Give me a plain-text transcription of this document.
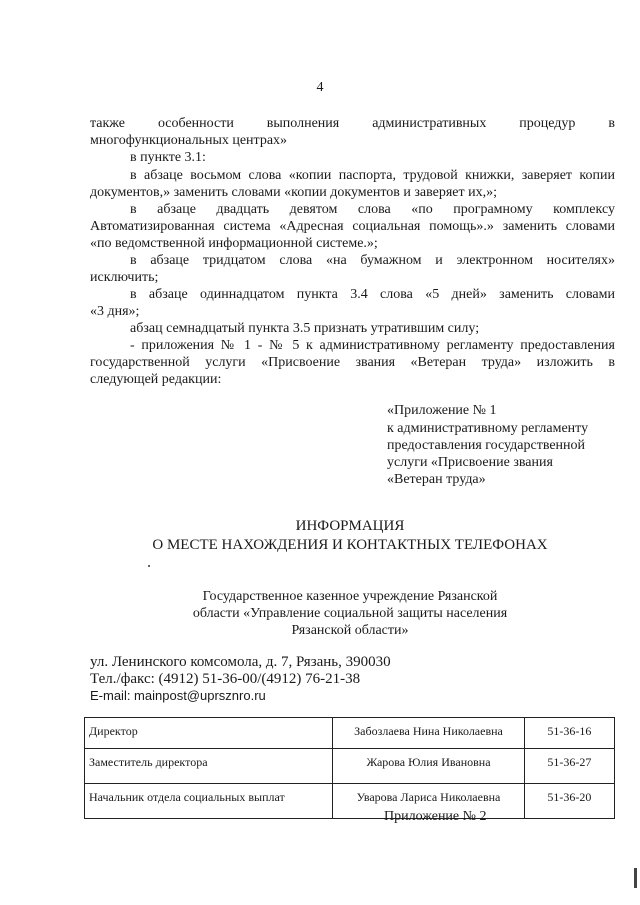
4
также особенности выполнения административных процедур в
многофункциональных центрах»
в пункте 3.1:
в абзаце восьмом слова «копии паспорта, трудовой книжки, заверяет копии
документов,» заменить словами «копии документов и заверяет их,»;
в абзаце двадцать девятом слова «по програмному комплексу
Автоматизированная система «Адресная социальная помощь».» заменить словами
«по ведомственной информационной системе.»;
в абзаце тридцатом слова «на бумажном и электронном носителях»
исключить;
в абзаце одиннадцатом пункта 3.4 слова «5 дней» заменить словами
«3 дня»;
абзац семнадцатый пункта 3.5 признать утратившим силу;
- приложения № 1 - № 5 к административному регламенту предоставления
государственной услуги «Присвоение звания «Ветеран труда» изложить в
следующей редакции:
«Приложение № 1
к административному регламенту
предоставления государственной
услуги «Присвоение звания
«Ветеран труда»
ИНФОРМАЦИЯ
О МЕСТЕ НАХОЖДЕНИЯ И КОНТАКТНЫХ ТЕЛЕФОНАХ
Государственное казенное учреждение Рязанской
области «Управление социальной защиты населения
Рязанской области»
ул. Ленинского комсомола, д. 7, Рязань, 390030
Тел./факс: (4912) 51-36-00/(4912) 76-21-38
E-mail: mainpost@uprsznro.ru
Директор	Забозлаева Нина Николаевна	51-36-16
Заместитель директора	Жарова Юлия Ивановна	51-36-27
Начальник отдела социальных выплат	Уварова Лариса Николаевна	51-36-20
Приложение № 2
